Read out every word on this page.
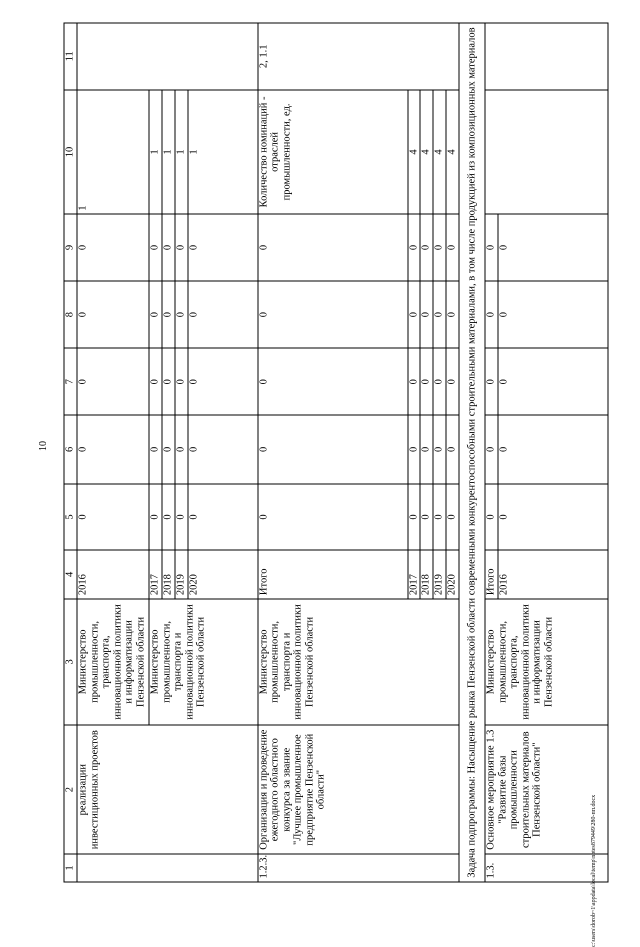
10
1	2	3	4	5	6	7	8	9	10	11
	реализации инвестиционных проектов	Министерство промышленности, транспорта, инновационной политики и информатизации Пензенской области	2016	0	0	0	0	0	1	
		Министерство промышленности, транспорта и инновационной политики Пензенской области	2017	0	0	0	0	0	1	
			2018	0	0	0	0	0	1	
			2019	0	0	0	0	0	1	
			2020	0	0	0	0	0	1	
1.2.3.	Организация и проведение ежегодного областного конкурса за звание "Лучшее промышленное предприятие Пензенской области"	Министерство промышленности, транспорта и инновационной политики Пензенской области	Итого	0	0	0	0	0	Количество номинаций - отраслей промышленности, ед.	2, 1.1
			2017	0	0	0	0	0	4	
			2018	0	0	0	0	0	4	
			2019	0	0	0	0	0	4	
			2020	0	0	0	0	0	4	
Задача подпрограммы: Насыщение рынка Пензенской области современными конкурентоспособными строительными материалами, в том числе продукцией из композиционных материалов										
1.3.	Основное мероприятие 1.3 "Развитие базы промышленности строительных материалов Пензенской области"	Министерство промышленности, транспорта, инновационной политики и информатизации Пензенской области	Итого	0	0	0	0	0		
			2016	0	0	0	0	0		
c:\users\dorob~1\appdata\local\temp\notes879449\280-пп.docx
